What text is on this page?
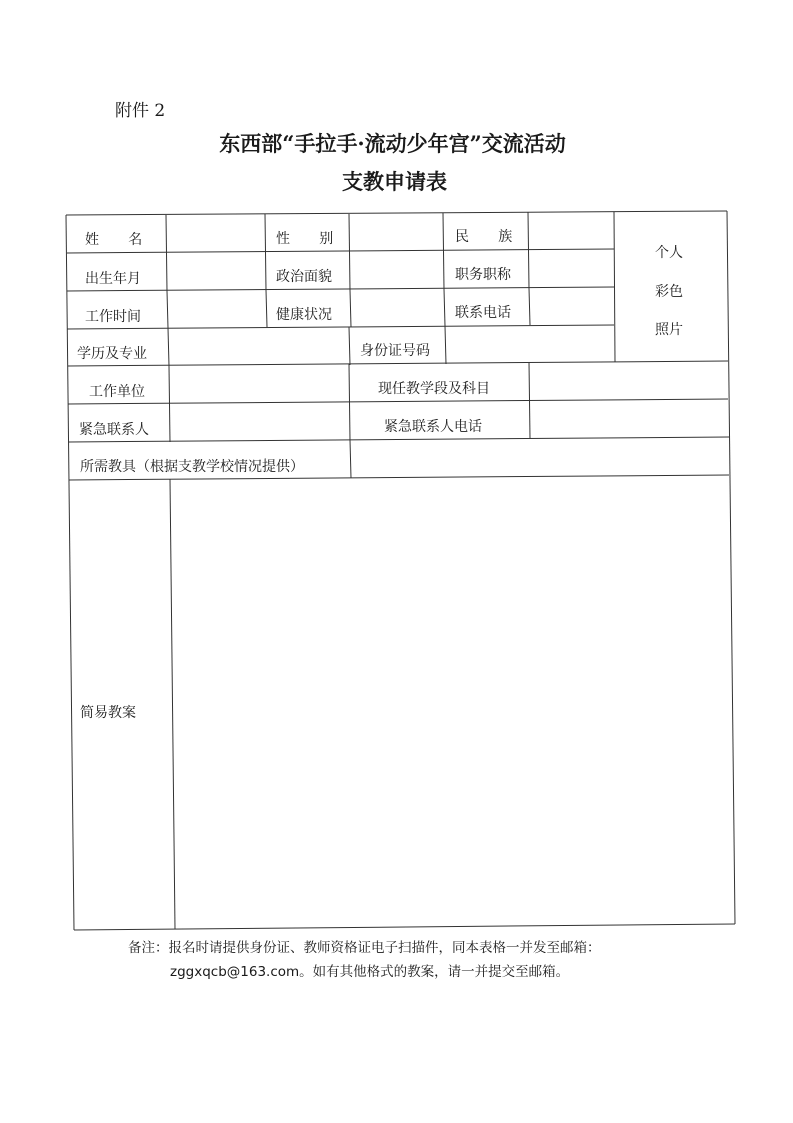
附件 2
东西部“手拉手·流动少年宫”交流活动
支教申请表
姓　　名	性　　别	民　　族
个人
彩色
照片
出生年月	政治面貌	职务职称
工作时间	健康状况	联系电话
学历及专业	身份证号码
工作单位	现任教学段及科目
紧急联系人	紧急联系人电话
所需教具（根据支教学校情况提供）
简易教案
备注：报名时请提供身份证、教师资格证电子扫描件，同本表格一并发至邮箱：
zggxqcb@163.com。如有其他格式的教案，请一并提交至邮箱。
